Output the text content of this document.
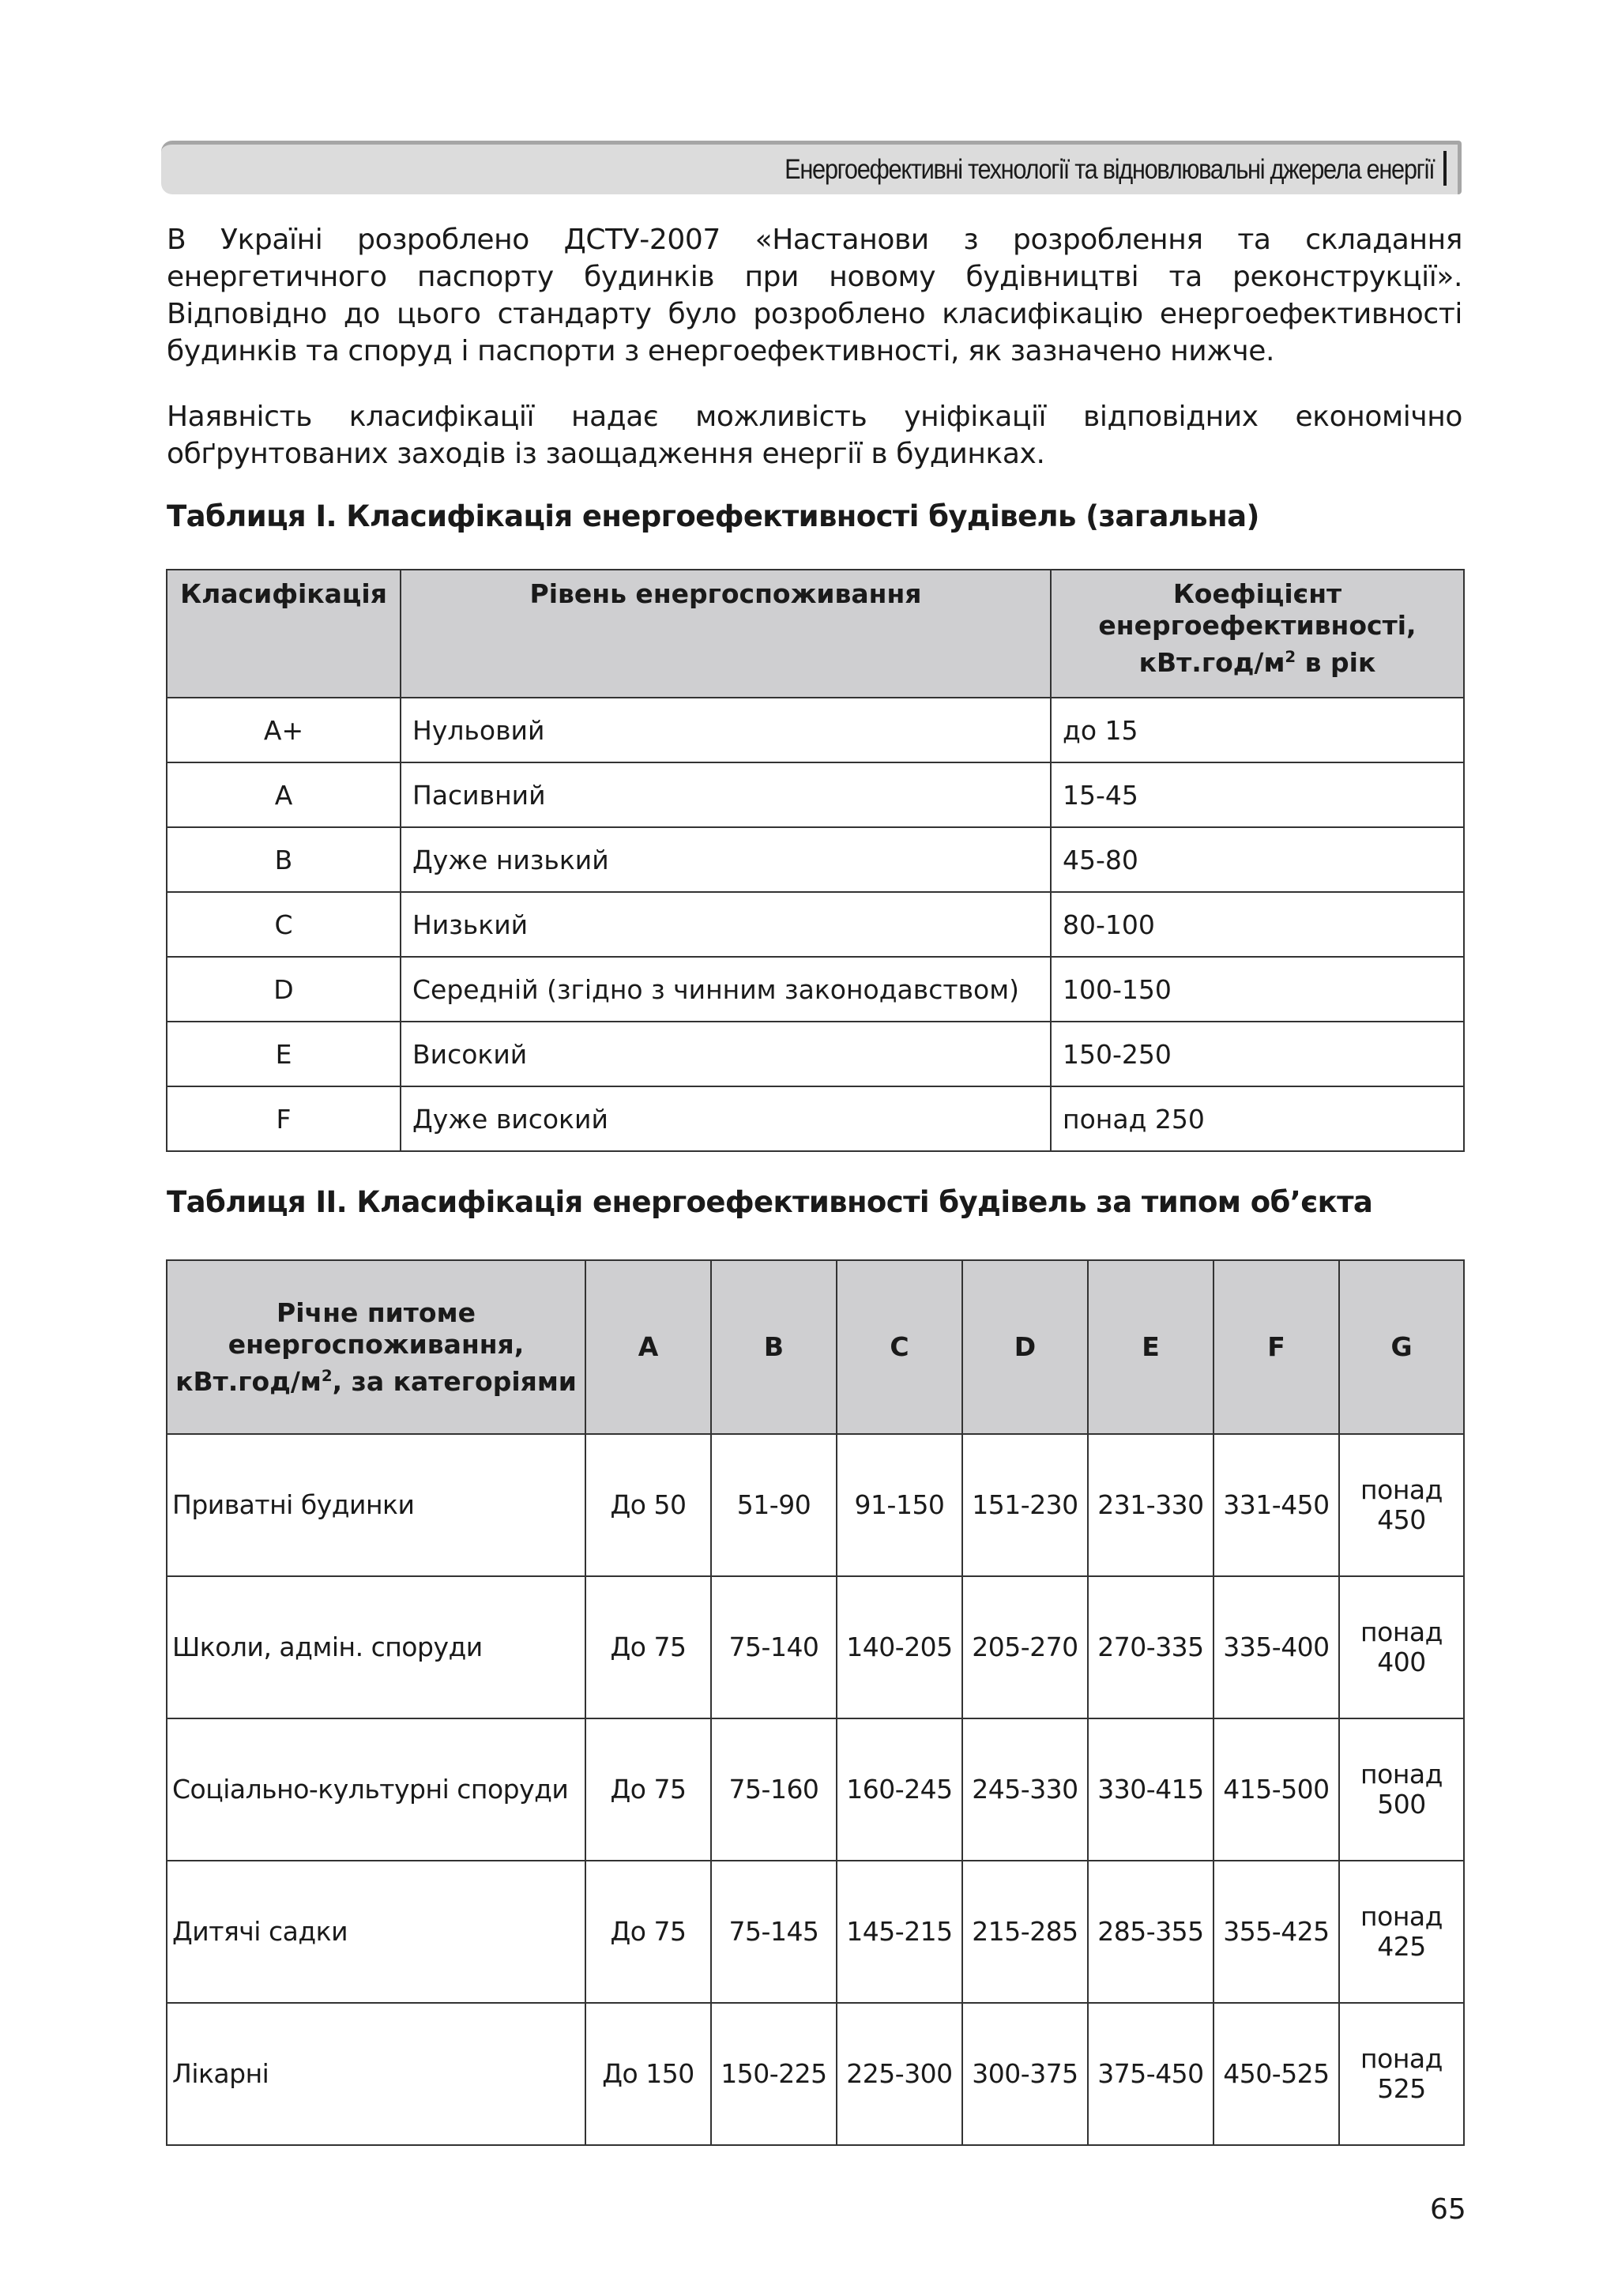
Енергоефективні технології та відновлювальні джерела енергії
В Україні розроблено ДСТУ-2007 «Настанови з розроблення та складання енергетичного паспорту будинків при новому будівництві та реконструкції». Відповідно до цього стандарту було розроблено класифікацію енергоефективності будинків та споруд і паспорти з енергоефективності, як зазначено нижче.
Наявність класифікації надає можливість уніфікації відповідних економічно обґрунтованих заходів із заощадження енергії в будинках.
Таблиця I. Класифікація енергоефективності будівель (загальна)
Класифікація	Рівень енергоспоживання	Коефіцієнт енергоефективності,
$кВт.год/м^2$ в рік
A+	Нульовий	до 15
A	Пасивний	15-45
B	Дуже низький	45-80
C	Низький	80-100
D	Середній (згідно з чинним законодавством)	100-150
E	Високий	150-250
F	Дуже високий	понад 250
Таблиця II. Класифікація енергоефективності будівель за типом об’єкта
Річне питоме енергоспоживання,
$кВт.год/м^2$, за категоріями	A	B	C	D	E	F	G
Приватні будинки	До 50	51-90	91-150	151-230	231-330	331-450	понад 450
Школи, адмін. споруди	До 75	75-140	140-205	205-270	270-335	335-400	понад 400
Соціально-культурні споруди	До 75	75-160	160-245	245-330	330-415	415-500	понад 500
Дитячі садки	До 75	75-145	145-215	215-285	285-355	355-425	понад 425
Лікарні	До 150	150-225	225-300	300-375	375-450	450-525	понад 525
65
